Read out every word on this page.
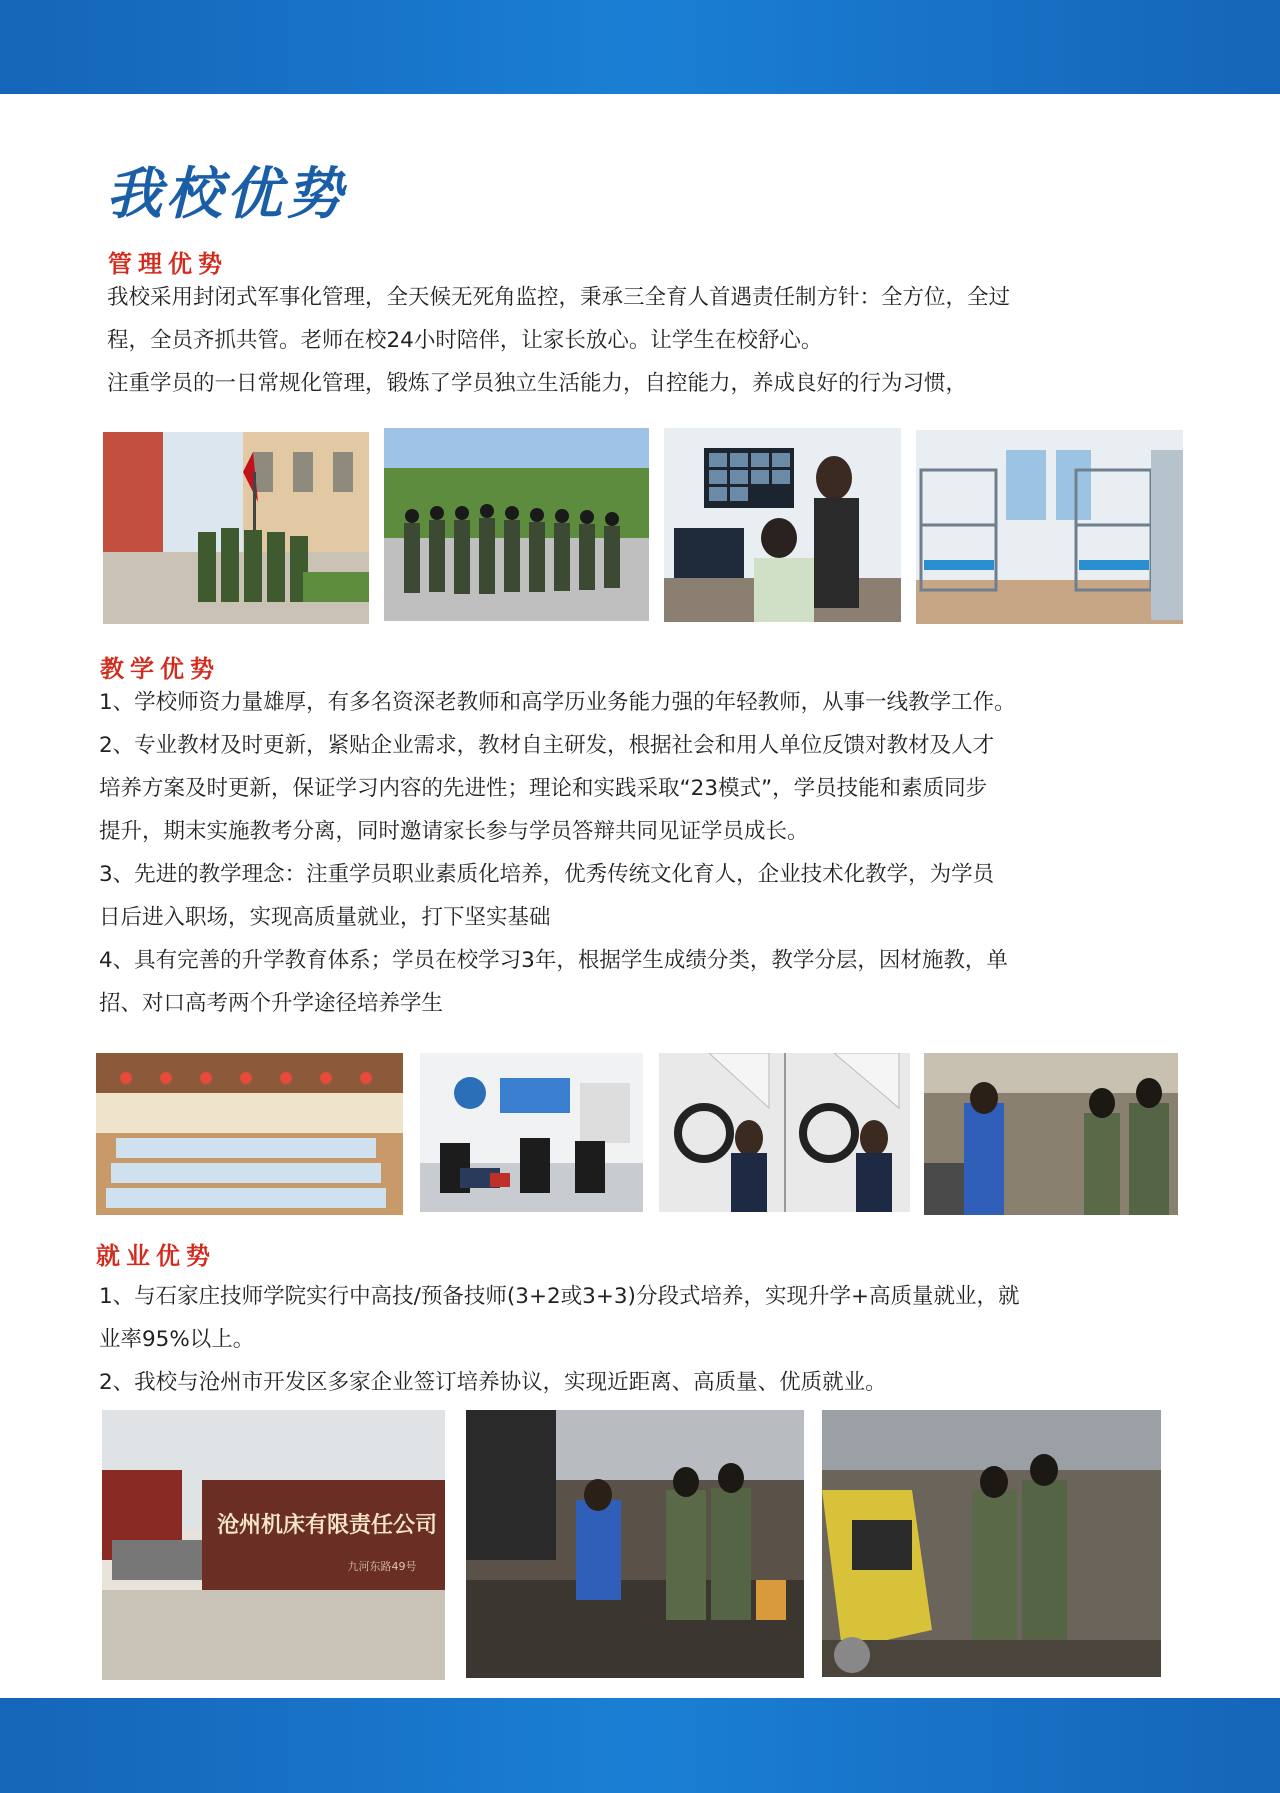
我校优势
管理优势

我校采用封闭式军事化管理，全天候无死角监控，秉承三全育人首遇责任制方针：全方位，全过

程，全员齐抓共管。老师在校24小时陪伴，让家长放心。让学生在校舒心。

注重学员的一日常规化管理，锻炼了学员独立生活能力，自控能力，养成良好的行为习惯，

教学优势

1、学校师资力量雄厚，有多名资深老教师和高学历业务能力强的年轻教师，从事一线教学工作。

2、专业教材及时更新，紧贴企业需求，教材自主研发，根据社会和用人单位反馈对教材及人才

培养方案及时更新，保证学习内容的先进性；理论和实践采取“23模式”，学员技能和素质同步

提升，期末实施教考分离，同时邀请家长参与学员答辩共同见证学员成长。

3、先进的教学理念：注重学员职业素质化培养，优秀传统文化育人，企业技术化教学，为学员

日后进入职场，实现高质量就业，打下坚实基础

4、具有完善的升学教育体系；学员在校学习3年，根据学生成绩分类，教学分层，因材施教，单

招、对口高考两个升学途径培养学生

就业优势

1、与石家庄技师学院实行中高技/预备技师(3+2或3+3)分段式培养，实现升学+高质量就业，就

业率95%以上。

2、我校与沧州市开发区多家企业签订培养协议，实现近距离、高质量、优质就业。

沧州机床有限责任公司
九河东路49号
